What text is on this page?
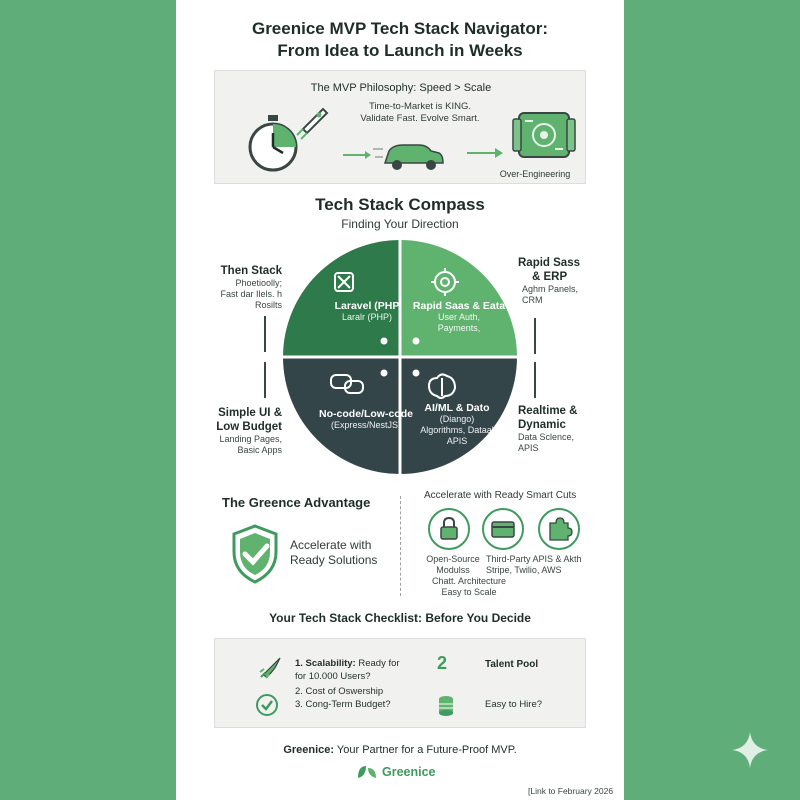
Greenice MVP Tech Stack Navigator:
From Idea to Launch in Weeks
The MVP Philosophy: Speed > Scale
Time-to-Market is KING.
Validate Fast. Evolve Smart.
Over-Engineering
Tech Stack Compass
Finding Your Direction
Laravel (PHP
Laralr (PHP)
Rapid Saas & Eata
User Auth,
Payments,
No-code/Low-code
(Express/NestJS)
AI/ML & Dato
(Diango)
Algorithms, Dataal
APIS
Then Stack
Phoetioolly;
Fast dar Ilels. h
Rosilts
Simple UI &
Low Budget
Landing Pages,
Basic Apps
Rapid Sass
& ERP
Aghm Panels,
CRM
Realtime &
Dynamic
Data Sclence,
APIS
The Greence Advantage
Accelerate with
Ready Solutions
Accelerate with Ready Smart Cuts
Open-Source
Modulss
Third-Party APIS & Akth
Stripe, Twilio, AWS
Chatt. Architecture
Easy to Scale
Your Tech Stack Checklist: Before You Decide
1. Scalability: Ready for
for 10.000 Users?
2. Cost of Oswership
3. Cong-Term Budget?
2	Talent Pool
Easy to Hire?
Greenice: Your Partner for a Future-Proof MVP.
Greenice
[Link to February 2026
